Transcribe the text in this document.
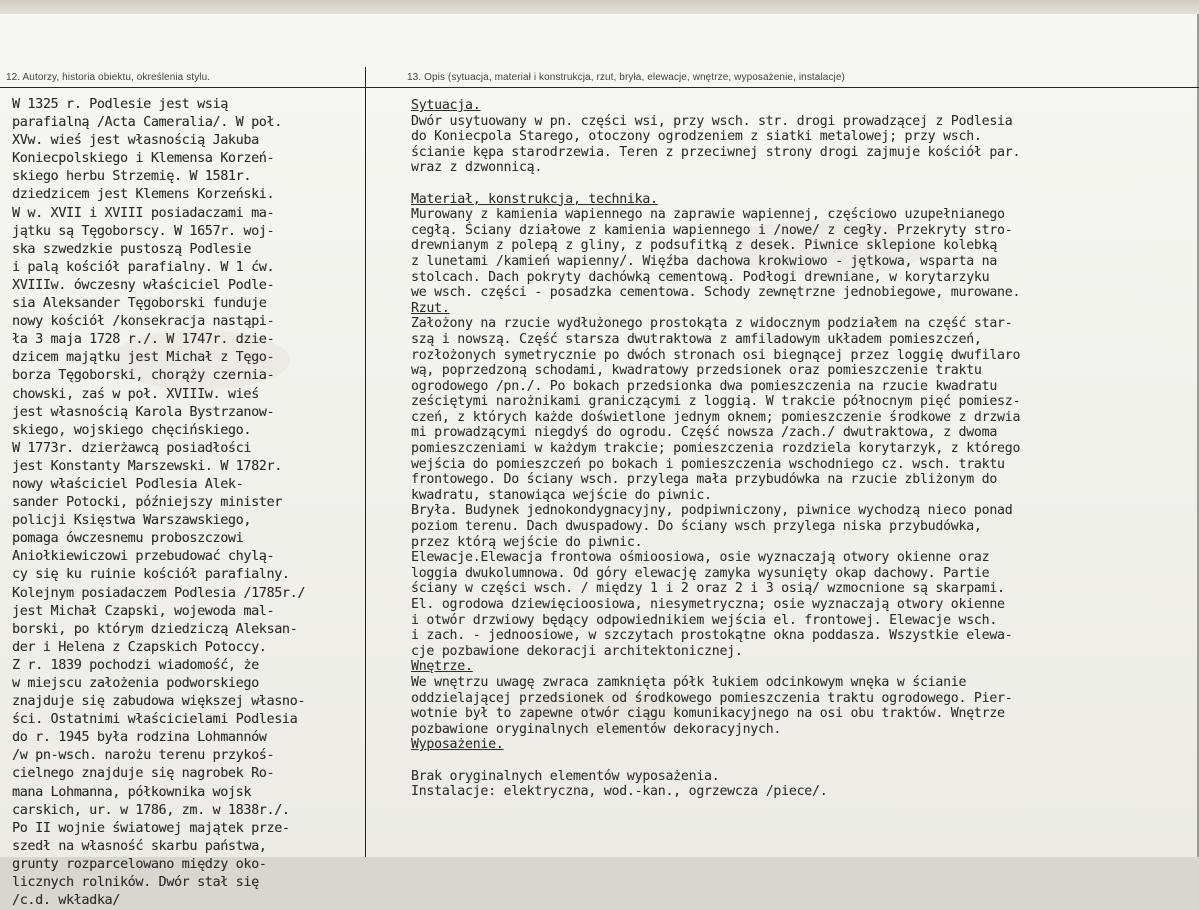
12. Autorzy, historia obiektu, określenia stylu.	13. Opis (sytuacja, materiał i konstrukcja, rzut, bryła, elewacje, wnętrze, wyposażenie, instalacje)
W 1325 r. Podlesie jest wsią
parafialną /Acta Cameralia/. W poł.
XVw. wieś jest własnością Jakuba
Koniecpolskiego i Klemensa Korzeń-
skiego herbu Strzemię. W 1581r.
dziedzicem jest Klemens Korzeński.
W w. XVII i XVIII posiadaczami ma-
jątku są Tęgoborscy. W 1657r. woj-
ska szwedzkie pustoszą Podlesie
i palą kościół parafialny. W 1 ćw.
XVIIIw. ówczesny właściciel Podle-
sia Aleksander Tęgoborski funduje
nowy kościół /konsekracja nastąpi-
ła 3 maja 1728 r./. W 1747r. dzie-
dzicem majątku jest Michał z Tęgo-
borza Tęgoborski, chorąży czernia-
chowski, zaś w poł. XVIIIw. wieś
jest własnością Karola Bystrzanow-
skiego, wojskiego chęcińskiego.
W 1773r. dzierżawcą posiadłości
jest Konstanty Marszewski. W 1782r.
nowy właściciel Podlesia Alek-
sander Potocki, późniejszy minister
policji Księstwa Warszawskiego,
pomaga ówczesnemu proboszczowi
Aniołkiewiczowi przebudować chylą-
cy się ku ruinie kościół parafialny.
Kolejnym posiadaczem Podlesia /1785r./
jest Michał Czapski, wojewoda mal-
borski, po którym dziedziczą Aleksan-
der i Helena z Czapskich Potoccy.
Z r. 1839 pochodzi wiadomość, że
w miejscu założenia podworskiego
znajduje się zabudowa większej własno-
ści. Ostatnimi właścicielami Podlesia
do r. 1945 była rodzina Lohmannów
/w pn-wsch. narożu terenu przykoś-
cielnego znajduje się nagrobek Ro-
mana Lohmanna, półkownika wojsk
carskich, ur. w 1786, zm. w 1838r./.
Po II wojnie światowej majątek prze-
szedł na własność skarbu państwa,
grunty rozparcelowano między oko-
licznych rolników. Dwór stał się
/c.d. wkładka/
Sytuacja.
Dwór usytuowany w pn. części wsi, przy wsch. str. drogi prowadzącej z Podlesia
do Koniecpola Starego, otoczony ogrodzeniem z siatki metalowej; przy wsch.
ścianie kępa starodrzewia. Teren z przeciwnej strony drogi zajmuje kościół par.
wraz z dzwonnicą.
Materiał, konstrukcja, technika.
Murowany z kamienia wapiennego na zaprawie wapiennej, częściowo uzupełnianego
cegłą. Ściany działowe z kamienia wapiennego i /nowe/ z cegły. Przekryty stro-
drewnianym z polepą z gliny, z podsufitką z desek. Piwnice sklepione kolebką
z lunetami /kamień wapienny/. Więźba dachowa krokwiowo - jętkowa, wsparta na
stolcach. Dach pokryty dachówką cementową. Podłogi drewniane, w korytarzyku
we wsch. części - posadzka cementowa. Schody zewnętrzne jednobiegowe, murowane.
Rzut.
Założony na rzucie wydłużonego prostokąta z widocznym podziałem na część star-
szą i nowszą. Część starsza dwutraktowa z amfiladowym układem pomieszczeń,
rozłożonych symetrycznie po dwóch stronach osi biegnącej przez loggię dwufilaro
wą, poprzedzoną schodami, kwadratowy przedsionek oraz pomieszczenie traktu
ogrodowego /pn./. Po bokach przedsionka dwa pomieszczenia na rzucie kwadratu
ześciętymi narożnikami graniczącymi z loggią. W trakcie północnym pięć pomiesz-
czeń, z których każde doświetlone jednym oknem; pomieszczenie środkowe z drzwia
mi prowadzącymi niegdyś do ogrodu. Część nowsza /zach./ dwutraktowa, z dwoma
pomieszczeniami w każdym trakcie; pomieszczenia rozdziela korytarzyk, z którego
wejścia do pomieszczeń po bokach i pomieszczenia wschodniego cz. wsch. traktu
frontowego. Do ściany wsch. przylega mała przybudówka na rzucie zbliżonym do
kwadratu, stanowiąca wejście do piwnic.
Bryła. Budynek jednokondygnacyjny, podpiwniczony, piwnice wychodzą nieco ponad
poziom terenu. Dach dwuspadowy. Do ściany wsch przylega niska przybudówka,
przez którą wejście do piwnic.
Elewacje.Elewacja frontowa ośmioosiowa, osie wyznaczają otwory okienne oraz
loggia dwukolumnowa. Od góry elewację zamyka wysunięty okap dachowy. Partie
ściany w części wsch. / między 1 i 2 oraz 2 i 3 osią/ wzmocnione są skarpami.
El. ogrodowa dziewięcioosiowa, niesymetryczna; osie wyznaczają otwory okienne
i otwór drzwiowy będący odpowiednikiem wejścia el. frontowej. Elewacje wsch.
i zach. - jednoosiowe, w szczytach prostokątne okna poddasza. Wszystkie elewa-
cje pozbawione dekoracji architektonicznej.
Wnętrze.
We wnętrzu uwagę zwraca zamknięta półk łukiem odcinkowym wnęka w ścianie
oddzielającej przedsionek od środkowego pomieszczenia traktu ogrodowego. Pier-
wotnie był to zapewne otwór ciągu komunikacyjnego na osi obu traktów. Wnętrze
pozbawione oryginalnych elementów dekoracyjnych.
Wyposażenie.
Brak oryginalnych elementów wyposażenia.
Instalacje: elektryczna, wod.-kan., ogrzewcza /piece/.
